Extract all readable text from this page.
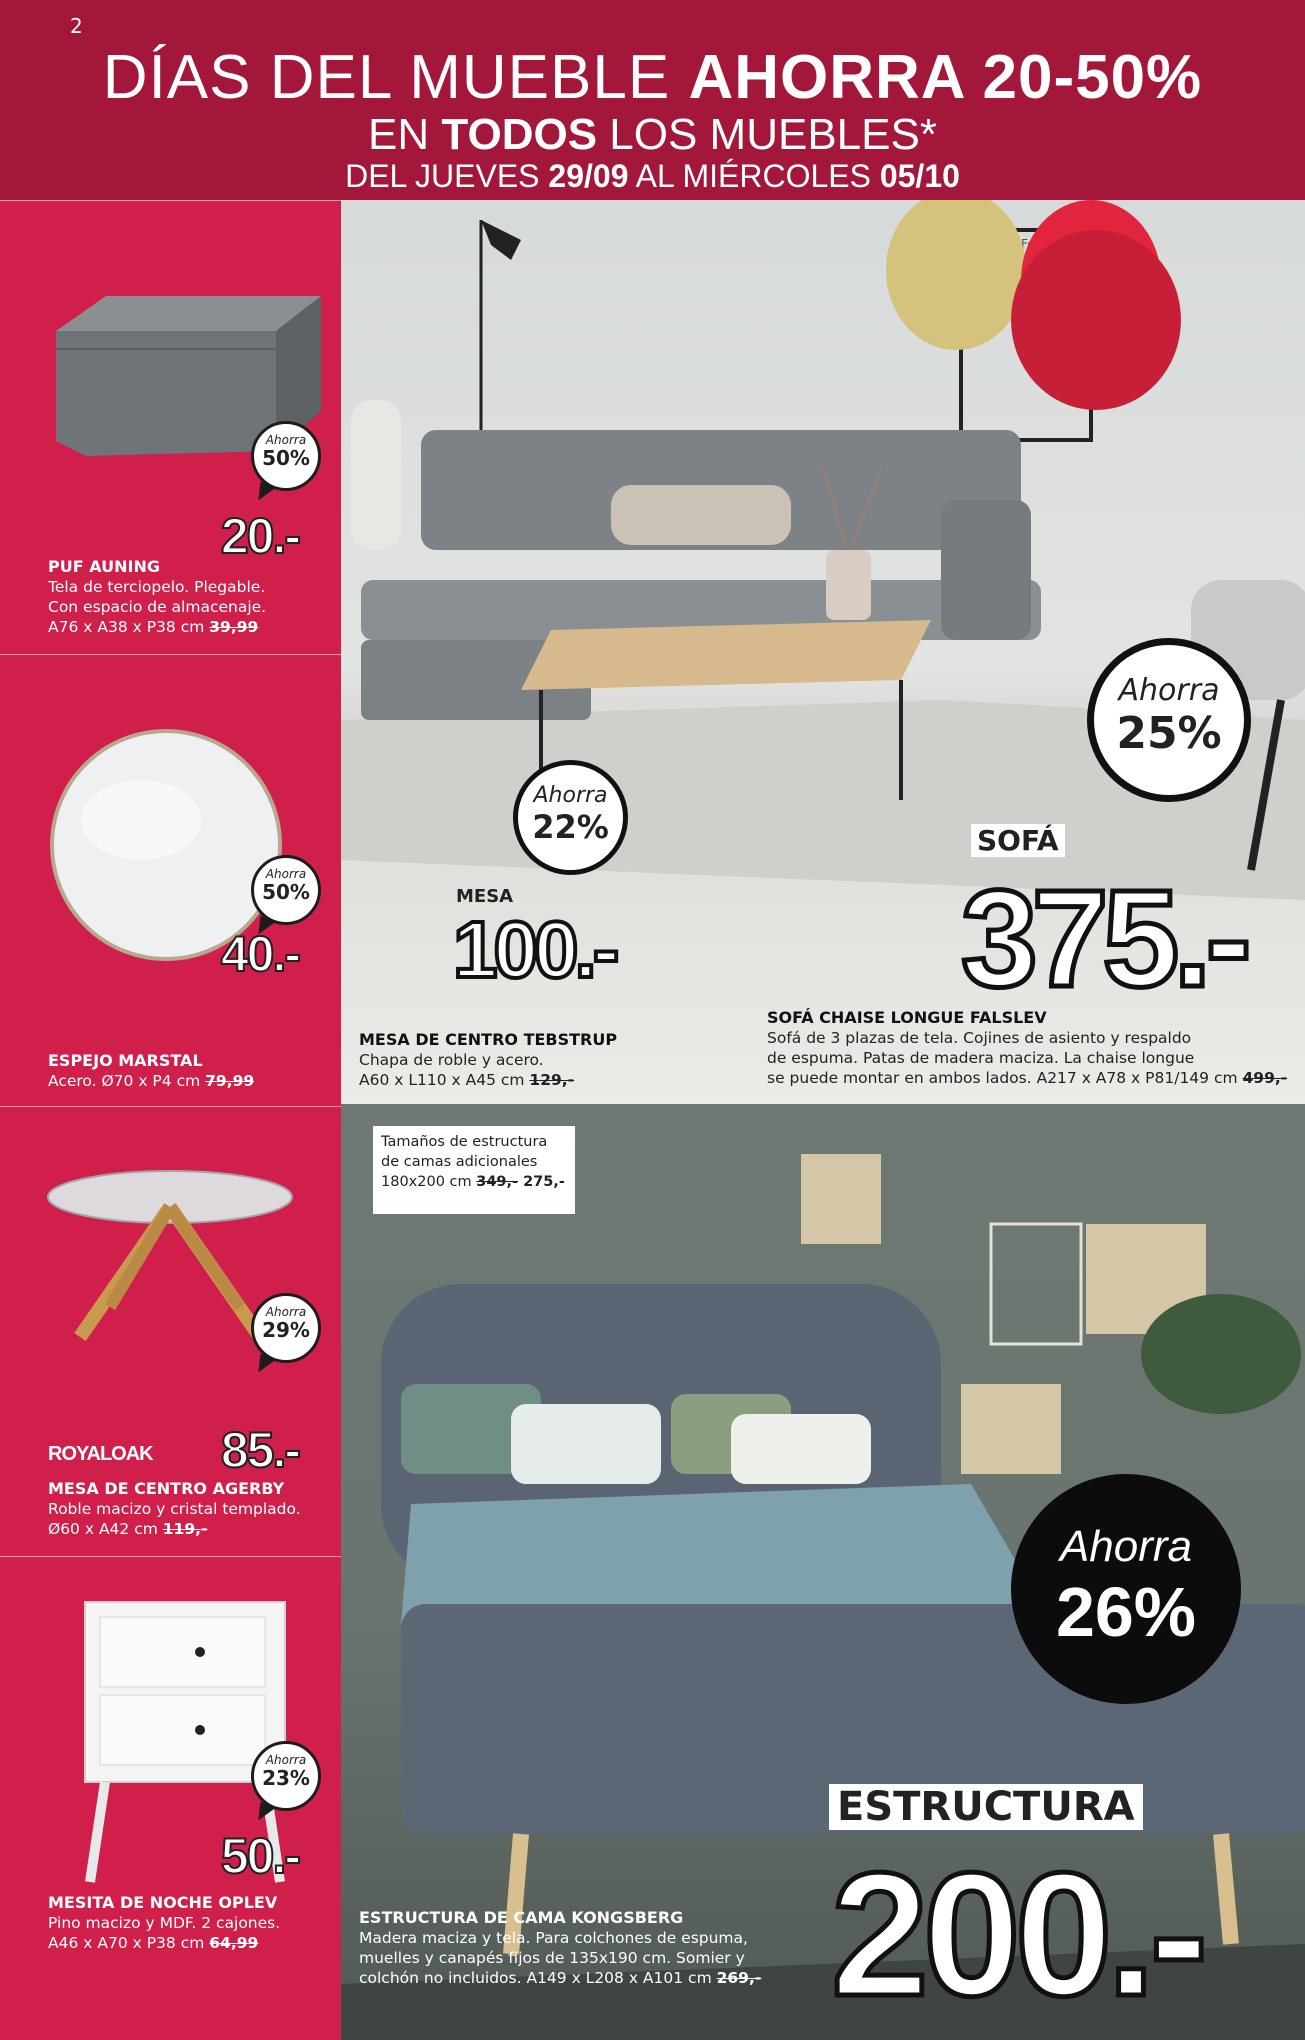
2
DÍAS DEL MUEBLE AHORRA 20-50%
EN TODOS LOS MUEBLES*
DEL JUEVES 29/09 AL MIÉRCOLES 05/10
Ahorra
50%
20.-
PUF AUNING
Tela de terciopelo. Plegable.
Con espacio de almacenaje.
A76 x A38 x P38 cm 39,99
Ahorra
50%
40.-
ESPEJO MARSTAL
Acero. Ø70 x P4 cm 79,99
Ahorra
29%
ROYALOAK 85.-
MESA DE CENTRO AGERBY
Roble macizo y cristal templado.
Ø60 x A42 cm 119,-
Ahorra
23%
50.-
MESITA DE NOCHE OPLEV
Pino macizo y MDF. 2 cajones.
A46 x A70 x P38 cm 64,99
Ahorra
22%
MESA
100.-
Ahorra
25%
SOFÁ
375.-
MESA DE CENTRO TEBSTRUP
Chapa de roble y acero.
A60 x L110 x A45 cm 129,-
SOFÁ CHAISE LONGUE FALSLEV
Sofá de 3 plazas de tela. Cojines de asiento y respaldo
de espuma. Patas de madera maciza. La chaise longue
se puede montar en ambos lados. A217 x A78 x P81/149 cm 499,-
Tamaños de estructura
de camas adicionales
180x200 cm 349,- 275,-
Ahorra
26%
ESTRUCTURA
200.-
ESTRUCTURA DE CAMA KONGSBERG
Madera maciza y tela. Para colchones de espuma,
muelles y canapés fijos de 135x190 cm. Somier y
colchón no incluidos. A149 x L208 x A101 cm 269,-
